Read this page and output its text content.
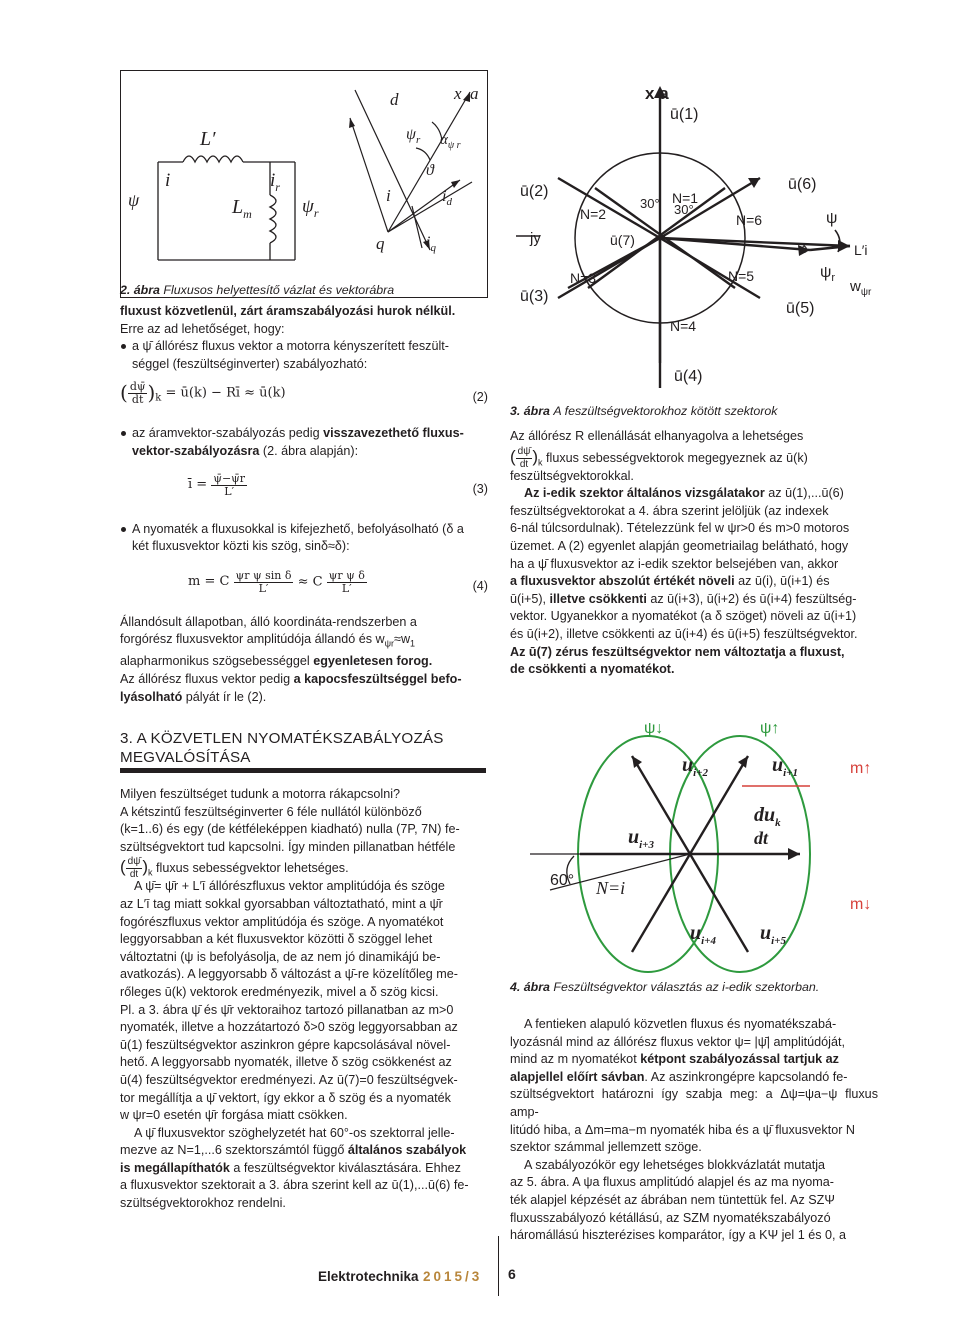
ψ
i
L′
$L_m$
$i_r$
$\psi_r$
d	x a
$\psi_r$ $\alpha_{\psi r}$
ϑ
i	$i_d$
q	$i_q$
2. ábra Fluxusos helyettesítő vázlat és vektorábra

fluxust közvetlenül, zárt áramszabályozási hurok nélkül.

Erre az ad lehetőséget, hogy:

a ψ̄ állórész fluxus vektor a motorra kényszerített feszült-

séggel (feszültséginverter) szabályozható:

( $\frac{d\psī}{dt} )_k$ = ū(k) − Rī ≈ ū(k)	(2)

az áramvektor-szabályozás pedig visszavezethető fluxus-

vektor-szabályozásra (2. ábra alapján):

ī = $\frac{\psī-\psīr}{L'}$	(3)

A nyomaték a fluxusokkal is kifejezhető, befolyásolható (δ a

két fluxusvektor közti kis szög, sinδ≈δ):

m = C $\frac{\text{ψr ψ sin δ}}{L'} \approx C \frac{\text{ψr ψ δ}}{L'}$	(4)

Állandósult állapotban, álló koordináta-rendszerben a

forgórész fluxusvektor amplitúdója állandó és $w_{\psi r}\approx w_1$

alapharmonikus szögsebességgel egyenletesen forog.

Az állórész fluxus vektor pedig a kapocsfeszültséggel befo-

lyásolható pályát ír le (2).

3. A KÖZVETLEN NYOMATÉKSZABÁLYOZÁS
MEGVALÓSÍTÁSA

Milyen feszültséget tudunk a motorra rákapcsolni?

A kétszintű feszültséginverter 6 féle nullától különböző

(k=1..6) és egy (de kétféleképpen kiadható) nulla (7P, 7N) fe-

szültségvektort tud kapcsolni. Így minden pillanatban hétféle

( $\frac{d\psī}{dt} )_k$ fluxus sebességvektor lehetséges.

A ψ̄= ψ̄r + L′ī állórészfluxus vektor amplitúdója és szöge

az L′ī tag miatt sokkal gyorsabban változtatható, mint a ψ̄r

fogórészfluxus vektor amplitúdója és szöge. A nyomatékot

leggyorsabban a két fluxusvektor közötti δ szöggel lehet

változtatni (ψ is befolyásolja, de az nem jó dinamikájú be-

avatkozás). A leggyorsabb δ változást a ψ̄-re közelítőleg me-

rőleges ū(k) vektorok eredményezik, mivel a δ szög kicsi.

Pl. a 3. ábra ψ̄ és ψ̄r vektoraihoz tartozó pillanatban az m>0

nyomaték, illetve a hozzátartozó δ>0 szög leggyorsabban az

ū(1) feszültségvektor aszinkron gépre kapcsolásával növel-

hető. A leggyorsabb nyomaték, illetve δ szög csökkenést az

ū(4) feszültségvektor eredményezi. Az ū(7)=0 feszültségvek-

tor megállítja a ψ̄ vektort, így ekkor a δ szög és a nyomaték

w ψr=0 esetén ψ̄r forgása miatt csökken.

A ψ̄ fluxusvektor szöghelyzetét hat 60°-os szektorral jelle-

mezve az N=1,...6 szektorszámtól függő általános szabályok

is megállapíthatók a feszültségvektor kiválasztására. Ehhez

a fluxusvektor szektorait a 3. ábra szerint kell az ū(1),...ū(6) fe-

szültségvektorokhoz rendelni.

x a
ū(1)
ū(2)
ū(3)
ū(4)
ū(5)
ū(6)
ū(7)
jy
N=1
N=2
N=3
N=4
N=5
N=6
30° 30°
ψ
L′i
$\psi_r$
δ
$w_{\psi r}$
3. ábra A feszültségvektorokhoz kötött szektorok

Az állórész R ellenállását elhanyagolva a lehetséges

( $\frac{d\psī}{dt} )_k$ fluxus sebességvektorok megegyeznek az ū(k)

feszültségvektorokkal.

Az i-edik szektor általános vizsgálatakor az ū(1),...ū(6)

feszültségvektorokat a 4. ábra szerint jelöljük (az indexek

6-nál túlcsordulnak). Tételezzünk fel w ψr>0 és m>0 motoros

üzemet. A (2) egyenlet alapján geometriailag belátható, hogy

ha a ψ̄ fluxusvektor az i-edik szektor belsejében van, akkor

a fluxusvektor abszolút értékét növeli az ū(i), ū(i+1) és

ū(i+5), illetve csökkenti az ū(i+3), ū(i+2) és ū(i+4) feszültség-

vektor. Ugyanekkor a nyomatékot (a δ szöget) növeli az ū(i+1)

és ū(i+2), illetve csökkenti az ū(i+4) és ū(i+5) feszültségvektor.

Az ū(7) zérus feszültségvektor nem változtatja a fluxust,

de csökkenti a nyomatékot.

ψ↓	ψ↑
m↑
m↓
$u_{i+2}$	$u_{i+1}$
$u_{i+3}$
$du_k$
dt
60° N=i
$u_{i+4}$ $u_{i+5}$
4. ábra Feszültségvektor választás az i-edik szektorban.

A fentieken alapuló közvetlen fluxus és nyomatékszabá-

lyozásnál mind az állórész fluxus vektor ψ= |ψ̄| amplitúdóját,

mind az m nyomatékot kétpont szabályozással tartjuk az

alapjellel előírt sávban. Az aszinkrongépre kapcsolandó fe-

szültségvektort határozni így szabja meg: a Δψ=ψa−ψ fluxus amp-

litúdó hiba, a Δm=ma−m nyomaték hiba és a ψ̄ fluxusvektor N

szektor számmal jellemzett szöge.

A szabályozókör egy lehetséges blokkvázlatát mutatja

az 5. ábra. A ψa fluxus amplitúdó alapjel és az ma nyoma-

ték alapjel képzését az ábrában nem tüntettük fel. Az SZΨ

fluxusszabályozó kétállású, az SZM nyomatékszabályozó

háromállású hiszterézises komparátor, így a KΨ jel 1 és 0, a

Elektrotechnika 2015/3 6
